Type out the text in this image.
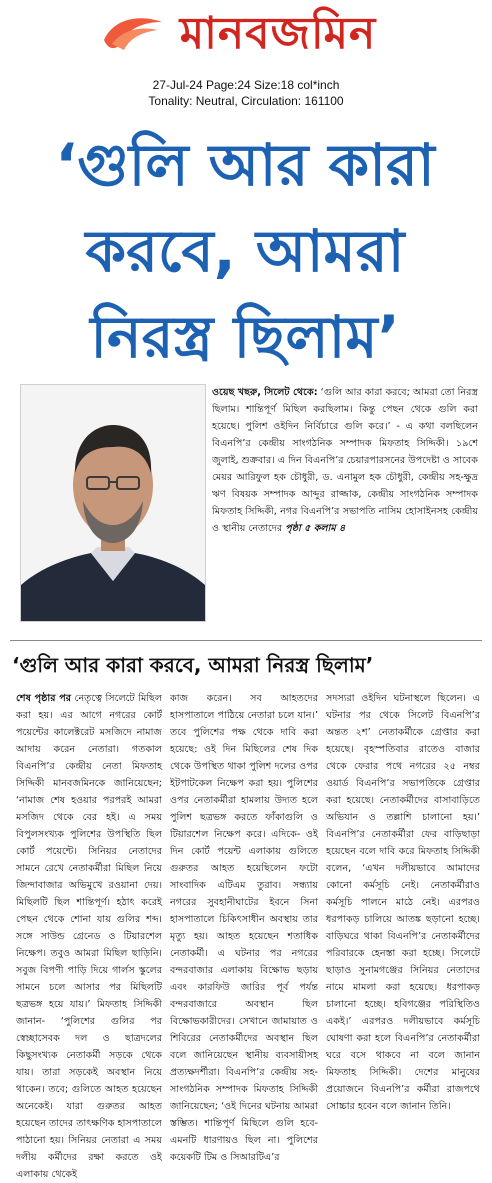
মানবজমিন
27-Jul-24 Page:24 Size:18 col*inch
Tonality: Neutral, Circulation: 161100
‘গুলি আর কারা
করবে, আমরা
নিরস্ত্র ছিলাম’
ওয়েছ খছরু, সিলেট থেকে: ‘গুলি আর কারা করবে; আমরা তো নিরস্ত্র ছিলাম। শান্তিপূর্ণ মিছিল করছিলাম। কিন্তু পেছন থেকে গুলি করা হয়েছে। পুলিশ ওইদিন নির্বিচারে গুলি করে।’ - এ কথা বলছিলেন বিএনপি’র কেন্দ্রীয় সাংগঠনিক সম্পাদক মিফতাহ সিদ্দিকী। ১৯শে জুলাই, শুক্রবার। এ দিন বিএনপি’র চেয়ারপারসনের উপদেষ্টা ও সাবেক মেয়র আরিফুল হক চৌধুরী, ড. এনামুল হক চৌধুরী, কেন্দ্রীয় সহ-ক্ষুদ্র ঋণ বিষয়ক সম্পাদক আব্দুর রাজ্জাক, কেন্দ্রীয় সাংগঠনিক সম্পাদক মিফতাহ সিদ্দিকী, নগর বিএনপি’র সভাপতি নাসিম হোসাইনসহ কেন্দ্রীয় ও স্থানীয় নেতাদের পৃষ্ঠা ৫ কলাম ৪
‘গুলি আর কারা করবে, আমরা নিরস্ত্র ছিলাম’
শেষ পৃষ্ঠার পর নেতৃত্বে সিলেটে মিছিল করা হয়। এর আগে নগরের কোর্ট পয়েন্টের কালেক্টরেট মসজিদে নামাজ আদায় করেন নেতারা। গতকাল বিএনপি’র কেন্দ্রীয় নেতা মিফতাহ সিদ্দিকী মানবজমিনকে জানিয়েছেন; ‘নামাজ শেষ হওয়ার পরপরই আমরা মসজিদ থেকে বের হই। এ সময় বিপুলসংখ্যক পুলিশের উপস্থিতি ছিল কোর্ট পয়েন্টে। সিনিয়র নেতাদের সামনে রেখে নেতাকর্মীরা মিছিল নিয়ে জিন্দাবাজার অভিমুখে রওয়ানা দেয়। মিছিলটি ছিল শান্তিপূর্ণ। হঠাৎ করেই পেছন থেকে শোনা যায় গুলির শব্দ। সঙ্গে সাউন্ড গ্রেনেড ও টিয়ারশেল নিক্ষেপ। তবুও আমরা মিছিল ছাড়িনি। সবুজ বিপণী পাড়ি দিয়ে গার্লস স্কুলের সামনে চলে আসার পর মিছিলটি ছত্রভঙ্গ হয়ে যায়।’ মিফতাহ সিদ্দিকী জানান- ‘পুলিশের গুলির পর স্বেচ্ছাসেবক দল ও ছাত্রদলের কিছুসংখ্যক নেতাকর্মী সড়কে থেকে যায়। তারা সড়কেই অবস্থান নিয়ে থাকেন। তবে; গুলিতে আহত হয়েছেন অনেকেই। যারা গুরুতর আহত হয়েছেন তাদের তাৎক্ষণিক হাসপাতালে পাঠানো হয়। সিনিয়র নেতারা এ সময় দলীয় কর্মীদের রক্ষা করতে ওই এলাকায় থেকেই
কাজ করেন। সব আহতদের হাসপাতালে পাঠিয়ে নেতারা চলে যান।’ তবে পুলিশের পক্ষ থেকে দাবি করা হয়েছে: ওই দিন মিছিলের শেষ দিক থেকে উপস্থিত থাকা পুলিশ দলের ওপর ইটপাটকেল নিক্ষেপ করা হয়। পুলিশের ওপর নেতাকর্মীরা হামলায় উদ্যত হলে পুলিশ ছত্রভঙ্গ করতে ফাঁকাগুলি ও টিয়ারশেল নিক্ষেপ করে। এদিকে- ওই দিন কোর্ট পয়েন্ট এলাকায় গুলিতে গুরুতর আহত হয়েছিলেন ফটো সাংবাদিক এটিএম তুরাব। সন্ধ্যায় নগরের সুবহানীঘাটের ইবনে সিনা হাসপাতালে চিকিৎসাধীন অবস্থায় তার মৃত্যু হয়। আহত হয়েছেন শতাধিক নেতাকর্মী। এ ঘটনার পর নগরের বন্দরবাজার এলাকায় বিক্ষোভ ছড়ায় এবং কারফিউ জারির পূর্ব পর্যন্ত বন্দরবাজারে অবস্থান ছিল বিক্ষোভকারীদের। সেখানে জামায়াত ও শিবিরের নেতাকর্মীদের অবস্থান ছিল বলে জানিয়েছেন স্থানীয় ব্যবসায়ীসহ প্রত্যক্ষদর্শীরা। বিএনপি’র কেন্দ্রীয় সহ-সাংগঠনিক সম্পাদক মিফতাহ সিদ্দিকী জানিয়েছেন; ‘ওই দিনের ঘটনায় আমরা স্তম্ভিত। শান্তিপূর্ণ মিছিলে গুলি হবে- এমনটি ধারণায়ও ছিল না। পুলিশের কয়েকটি টিম ও সিআরটিএ’র
সদস্যরা ওইদিন ঘটনাস্থলে ছিলেন। এ ঘটনার পর থেকে সিলেট বিএনপি’র অন্তত ২শ’ নেতাকর্মীকে গ্রেপ্তার করা হয়েছে। বৃহস্পতিবার রাতেও বাজার থেকে ফেরার পথে নগরের ২৫ নম্বর ওয়ার্ড বিএনপি’র সভাপতিকে গ্রেপ্তার করা হয়েছে। নেতাকর্মীদের বাসাবাড়িতে অভিযান ও তল্লাশি চালানো হয়।’ বিএনপি’র নেতাকর্মীরা ফের বাড়িছাড়া হয়েছেন বলে দাবি করে মিফতাহ সিদ্দিকী বলেন, ‘এখন দলীয়ভাবে আমাদের কোনো কর্মসূচি নেই। নেতাকর্মীরাও কর্মসূচি পালনে মাঠে নেই। এরপরও ধরপাকড় চালিয়ে আতঙ্ক ছড়ানো হচ্ছে। বাড়িঘরে থাকা বিএনপি’র নেতাকর্মীদের পরিবারকে হেনস্তা করা হচ্ছে। সিলেটে ছাড়াও সুনামগঞ্জের সিনিয়র নেতাদের নামে মামলা করা হয়েছে। ধরপাকড় চালানো হচ্ছে। হবিগঞ্জের পরিস্থিতিও একই।’ এরপরও দলীয়ভাবে কর্মসূচি ঘোষণা করা হলে বিএনপি’র নেতাকর্মীরা ঘরে বসে থাকবে না বলে জানান মিফতাহ সিদ্দিকী। দেশের মানুষের প্রয়োজনে বিএনপি’র কর্মীরা রাজপথে সোচ্চার হবেন বলে জানান তিনি।
